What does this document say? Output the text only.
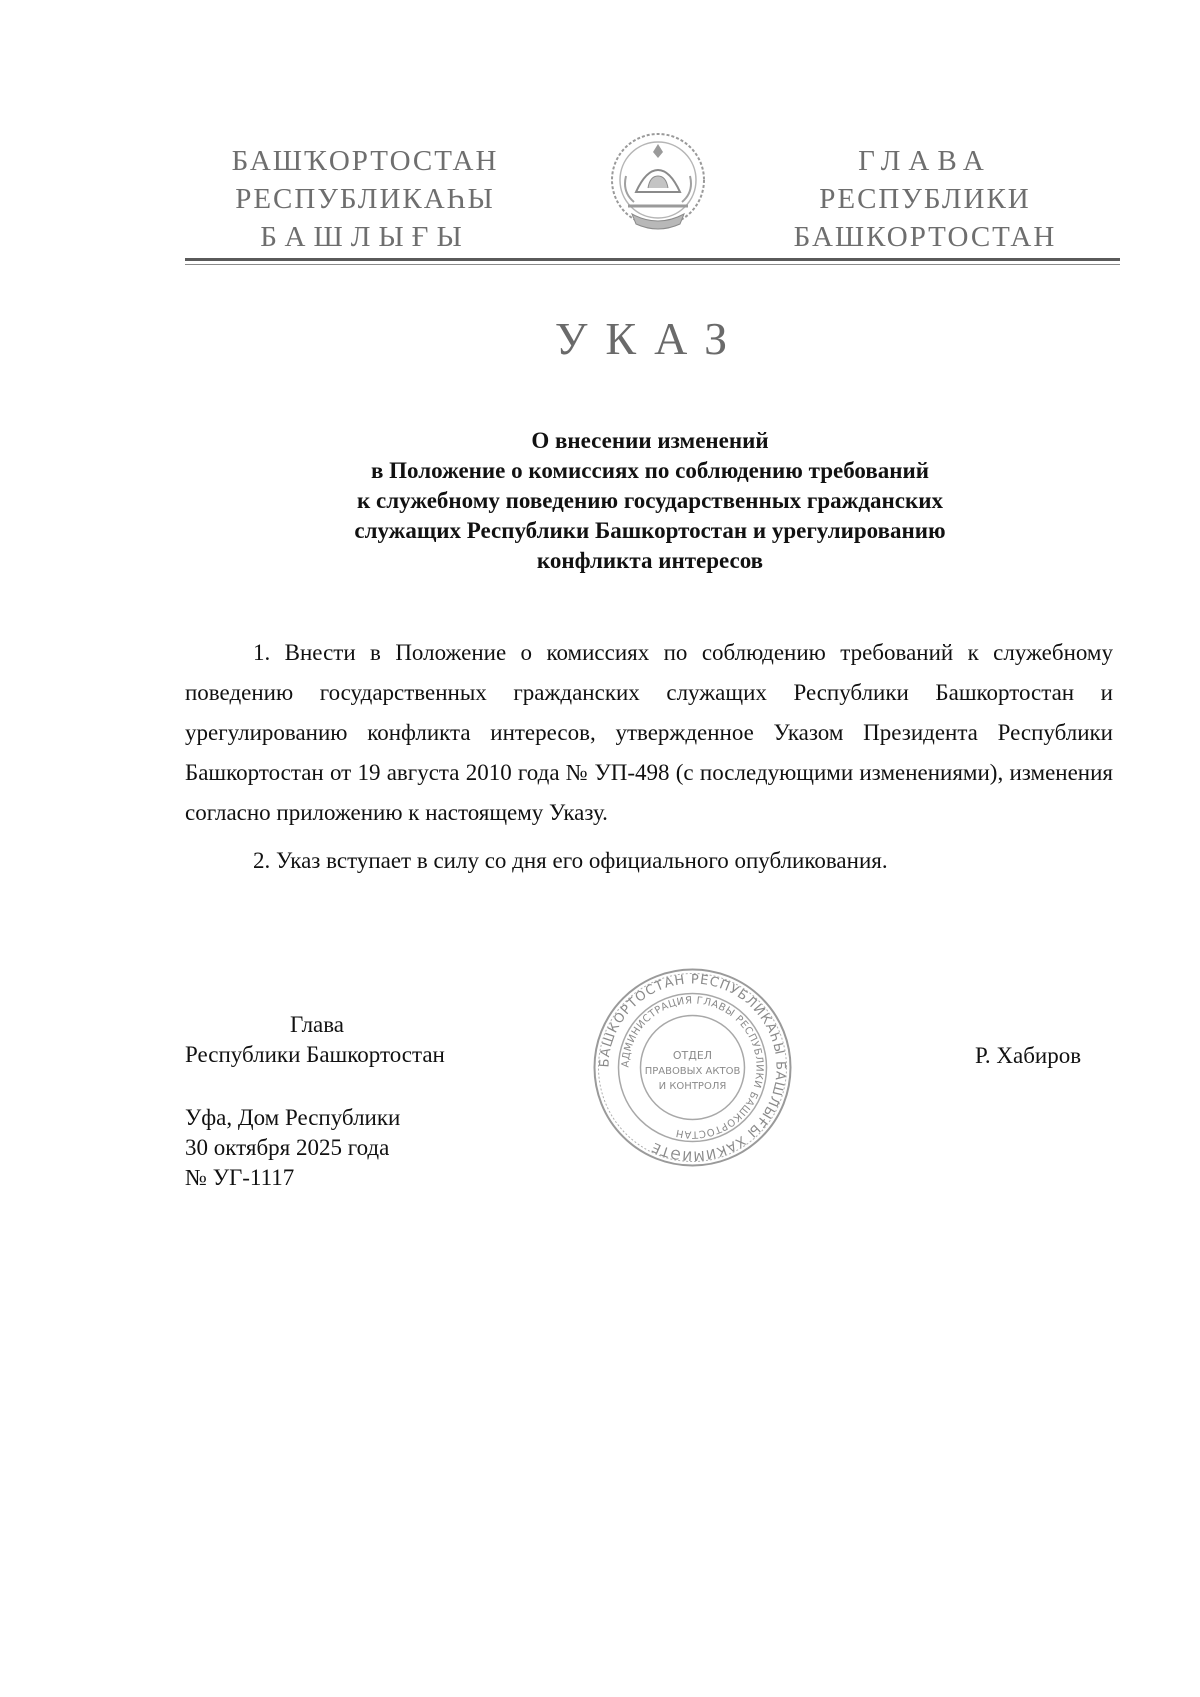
БАШҠОРТОСТАН
РЕСПУБЛИКАҺЫ
БАШЛЫҒЫ
ГЛАВА
РЕСПУБЛИКИ
БАШКОРТОСТАН
УКАЗ
О внесении изменений
в Положение о комиссиях по соблюдению требований
к служебному поведению государственных гражданских
служащих Республики Башкортостан и урегулированию
конфликта интересов

1. Внести в Положение о комиссиях по соблюдению требований к служебному поведению государственных гражданских служащих Республики Башкортостан и урегулированию конфликта интересов, утвержденное Указом Президента Республики Башкортостан от 19 августа 2010 года № УП-498 (с последующими изменениями), изменения согласно приложению к настоящему Указу.

2. Указ вступает в силу со дня его официального опубликования.

Глава
Республики Башкортостан	БАШКОРТОСТАН РЕСПУБЛИКАҺЫ БАШЛЫҒЫ ХАКИМИӘТЕ
АДМИНИСТРАЦИЯ ГЛАВЫ РЕСПУБЛИКИ БАШКОРТОСТАН
ОТДЕЛ
ПРАВОВЫХ АКТОВ
И КОНТРОЛЯ
Р. Хабиров
Уфа, Дом Республики
30 октября 2025 года
№ УГ-1117
